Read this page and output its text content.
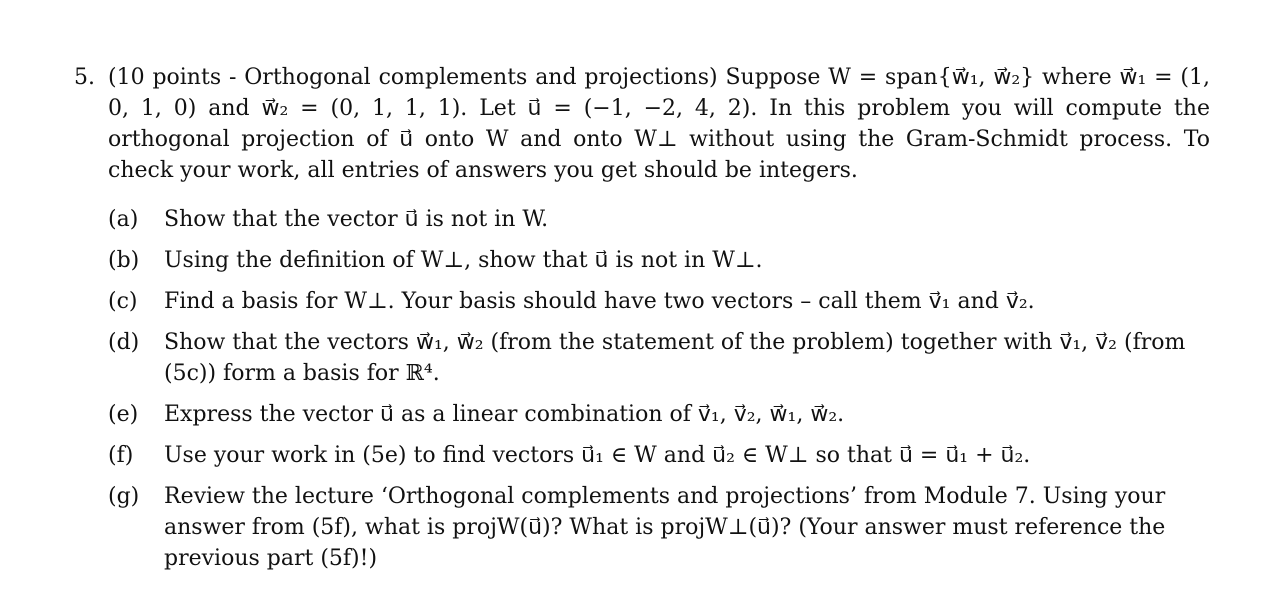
5. (10 points - Orthogonal complements and projections) Suppose W = span{w⃗₁, w⃗₂} where w⃗₁ = (1, 0, 1, 0) and w⃗₂ = (0, 1, 1, 1). Let u⃗ = (−1, −2, 4, 2). In this problem you will compute the orthogonal projection of u⃗ onto W and onto W⊥ without using the Gram-Schmidt process. To check your work, all entries of answers you get should be integers.
(a)	Show that the vector u⃗ is not in W.
(b)	Using the definition of W⊥, show that u⃗ is not in W⊥.
(c)	Find a basis for W⊥. Your basis should have two vectors – call them v⃗₁ and v⃗₂.
(d)	Show that the vectors w⃗₁, w⃗₂ (from the statement of the problem) together with v⃗₁, v⃗₂ (from (5c)) form a basis for ℝ⁴.
(e)	Express the vector u⃗ as a linear combination of v⃗₁, v⃗₂, w⃗₁, w⃗₂.
(f)	Use your work in (5e) to find vectors u⃗₁ ∈ W and u⃗₂ ∈ W⊥ so that u⃗ = u⃗₁ + u⃗₂.
(g)	Review the lecture ‘Orthogonal complements and projections’ from Module 7. Using your answer from (5f), what is projW(u⃗)? What is projW⊥(u⃗)? (Your answer must reference the previous part (5f)!)
